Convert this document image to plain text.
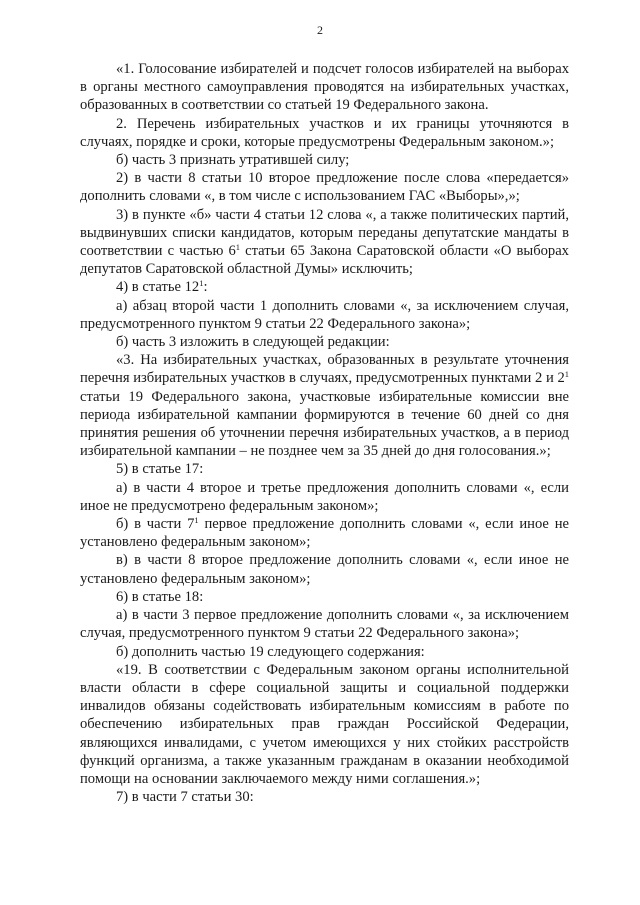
2

«1. Голосование избирателей и подсчет голосов избирателей на выборах в органы местного самоуправления проводятся на избирательных участках, образованных в соответствии со статьей 19 Федерального закона.

2. Перечень избирательных участков и их границы уточняются в случаях, порядке и сроки, которые предусмотрены Федеральным законом.»;

б) часть 3 признать утратившей силу;

2) в части 8 статьи 10 второе предложение после слова «передается» дополнить словами «, в том числе с использованием ГАС «Выборы»,»;

3) в пункте «б» части 4 статьи 12 слова «, а также политических партий, выдвинувших списки кандидатов, которым переданы депутатские мандаты в соответствии с частью $6^1$ статьи 65 Закона Саратовской области «О выборах депутатов Саратовской областной Думы» исключить;

4) в статье $12^1$:

а) абзац второй части 1 дополнить словами «, за исключением случая, предусмотренного пунктом 9 статьи 22 Федерального закона»;

б) часть 3 изложить в следующей редакции:

«3. На избирательных участках, образованных в результате уточнения перечня избирательных участков в случаях, предусмотренных пунктами 2 и $2^1$ статьи 19 Федерального закона, участковые избирательные комиссии вне периода избирательной кампании формируются в течение 60 дней со дня принятия решения об уточнении перечня избирательных участков, а в период избирательной кампании – не позднее чем за 35 дней до дня голосования.»;

5) в статье 17:

а) в части 4 второе и третье предложения дополнить словами «, если иное не предусмотрено федеральным законом»;

б) в части $7^1$ первое предложение дополнить словами «, если иное не установлено федеральным законом»;

в) в части 8 второе предложение дополнить словами «, если иное не установлено федеральным законом»;

6) в статье 18:

а) в части 3 первое предложение дополнить словами «, за исключением случая, предусмотренного пунктом 9 статьи 22 Федерального закона»;

б) дополнить частью 19 следующего содержания:

«19. В соответствии с Федеральным законом органы исполнительной власти области в сфере социальной защиты и социальной поддержки инвалидов обязаны содействовать избирательным комиссиям в работе по обеспечению избирательных прав граждан Российской Федерации, являющихся инвалидами, с учетом имеющихся у них стойких расстройств функций организма, а также указанным гражданам в оказании необходимой помощи на основании заключаемого между ними соглашения.»;

7) в части 7 статьи 30:
